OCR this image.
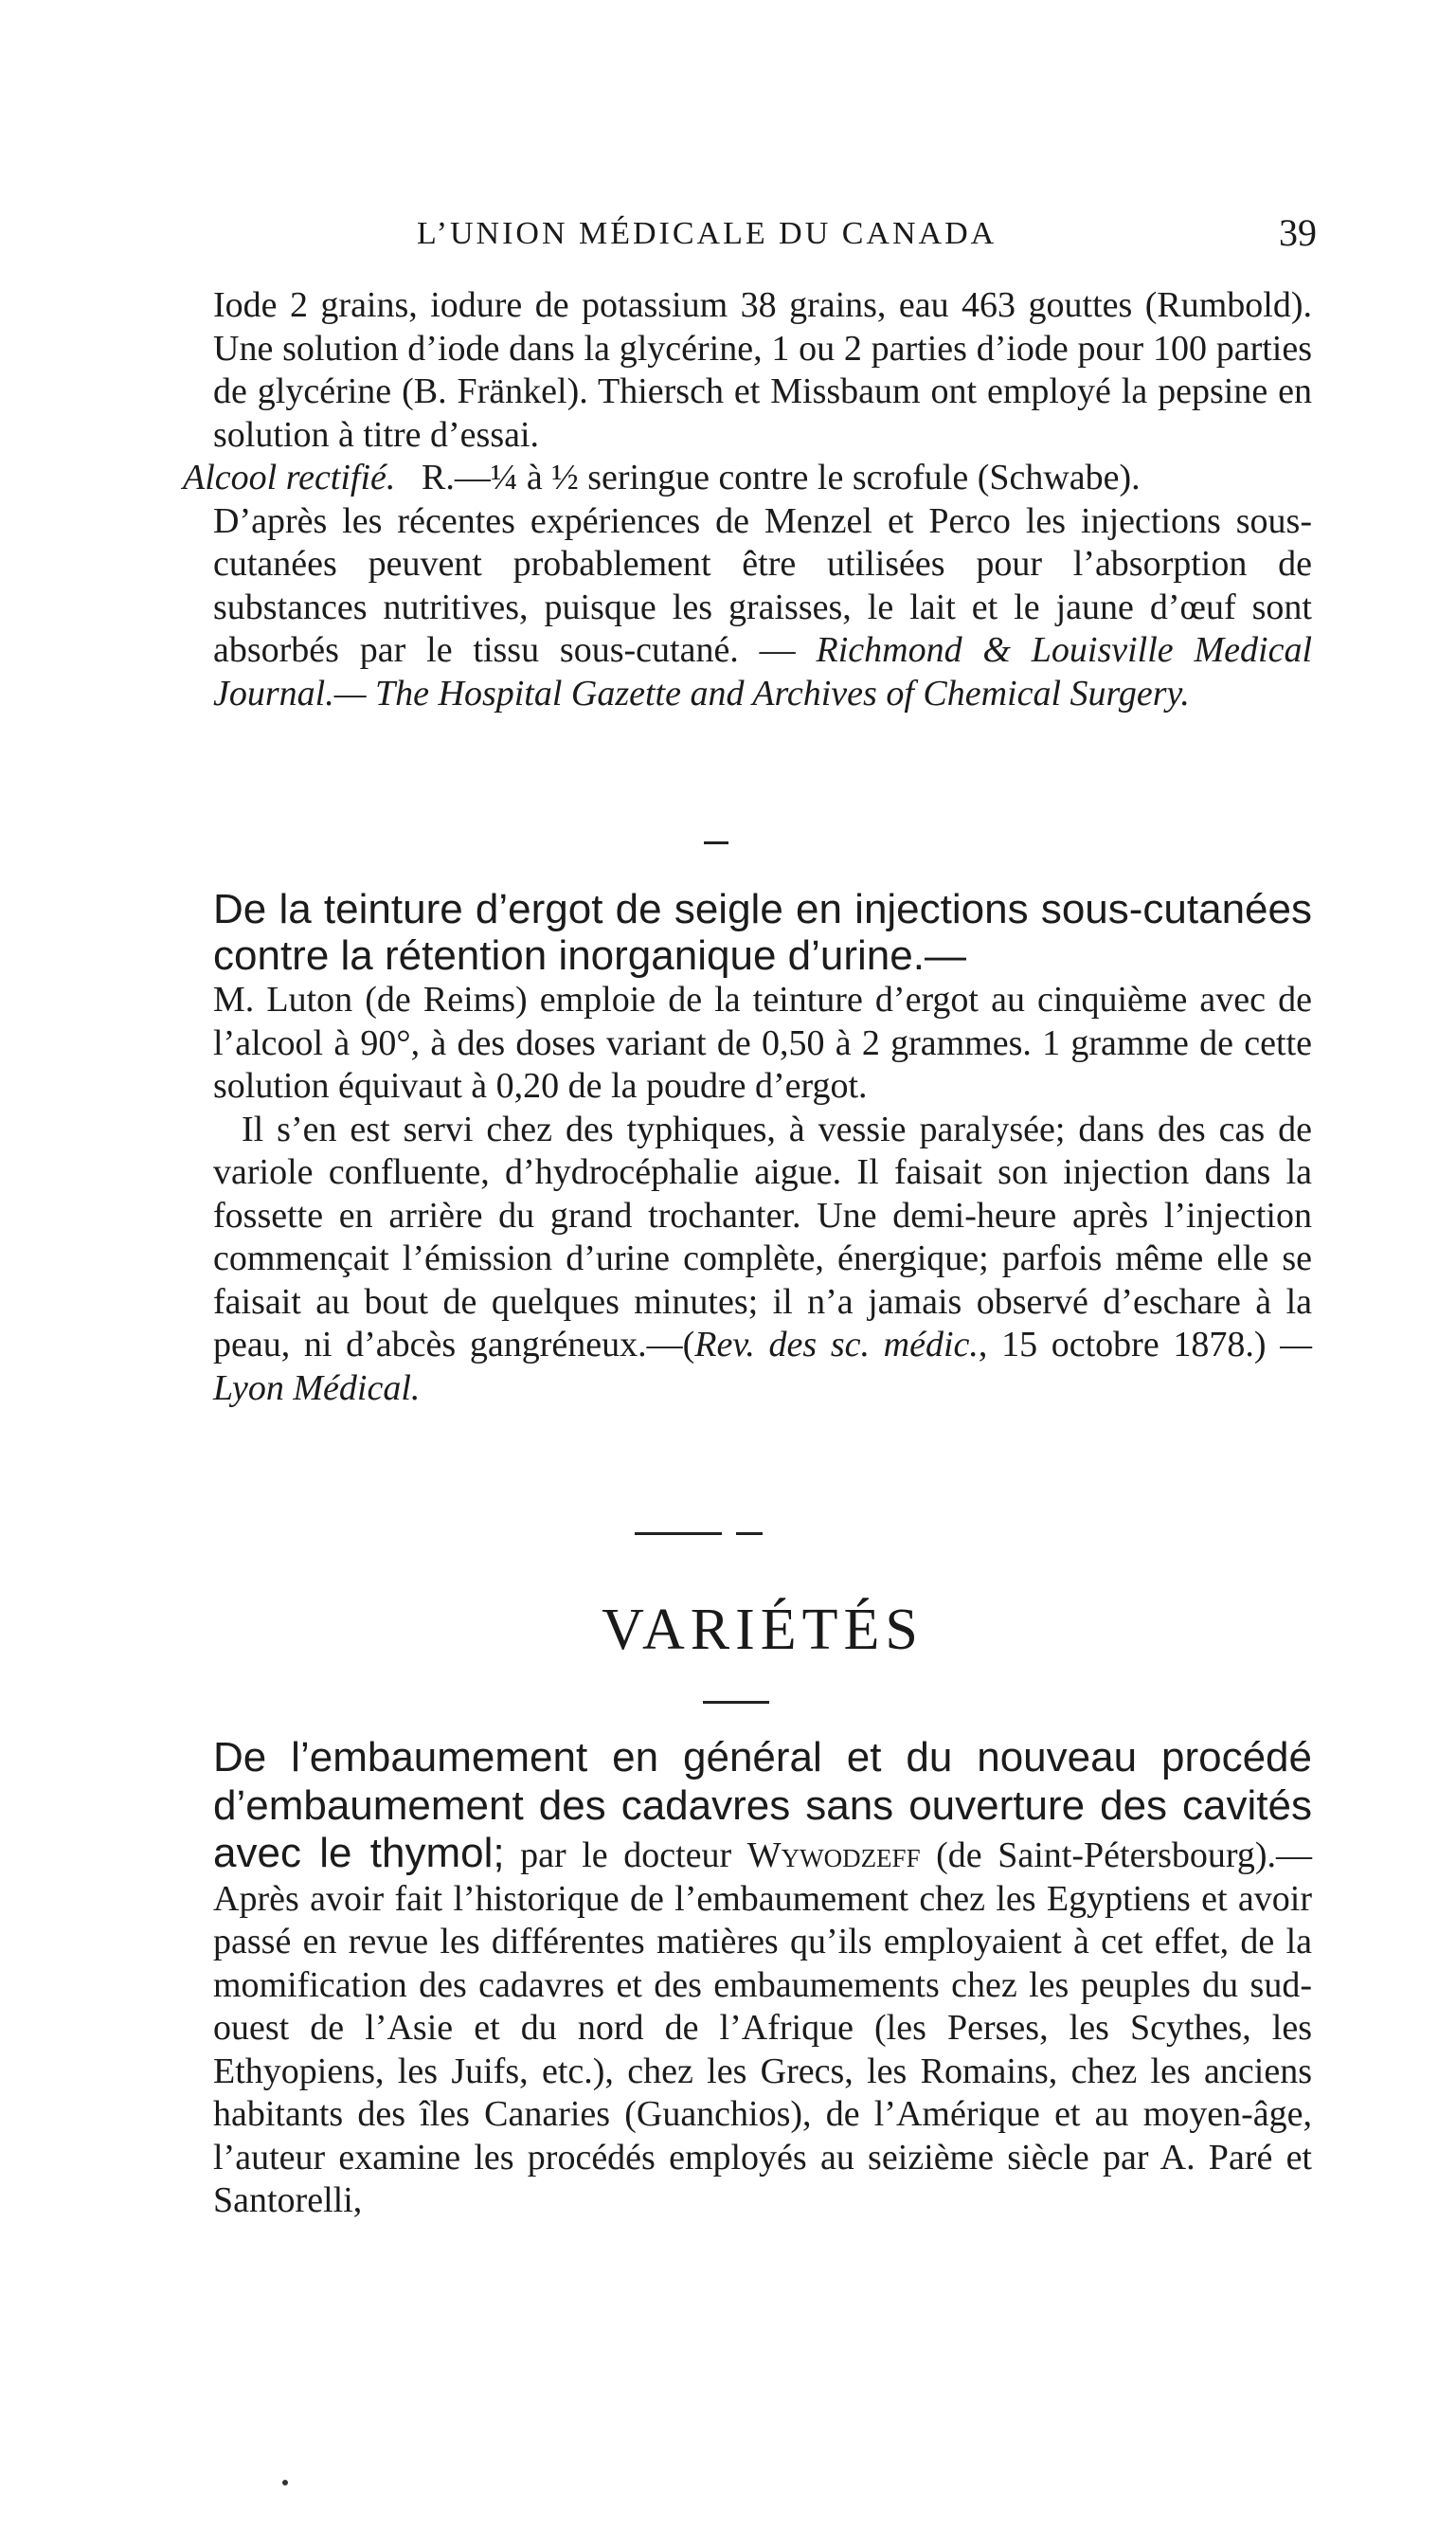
L’UNION MÉDICALE DU CANADA	39

Iode 2 grains, iodure de potassium 38 grains, eau 463 gouttes (Rumbold). Une solution d’iode dans la glycérine, 1 ou 2 parties d’iode pour 100 parties de glycérine (B. Fränkel). Thiersch et Missbaum ont employé la pepsine en solution à titre d’essai.

Alcool rectifié. R.—¼ à ½ seringue contre le scrofule (Schwabe).

D’après les récentes expériences de Menzel et Perco les injections sous-cutanées peuvent probablement être utilisées pour l’absorption de substances nutritives, puisque les graisses, le lait et le jaune d’œuf sont absorbés par le tissu sous-cutané. — Richmond & Louisville Medical Journal.— The Hospital Gazette and Archives of Chemical Surgery.

De la teinture d’ergot de seigle en injections sous-cutanées contre la rétention inorganique d’urine.—

M. Luton (de Reims) emploie de la teinture d’ergot au cinquième avec de l’alcool à 90°, à des doses variant de 0,50 à 2 grammes. 1 gramme de cette solution équivaut à 0,20 de la poudre d’ergot.

Il s’en est servi chez des typhiques, à vessie paralysée; dans des cas de variole confluente, d’hydrocéphalie aigue. Il faisait son injection dans la fossette en arrière du grand trochanter. Une demi-heure après l’injection commençait l’émission d’urine complète, énergique; parfois même elle se faisait au bout de quelques minutes; il n’a jamais observé d’eschare à la peau, ni d’abcès gangréneux.—(Rev. des sc. médic., 15 octobre 1878.) —Lyon Médical.

VARIÉTÉS

De l’embaumement en général et du nouveau procédé d’embaumement des cadavres sans ouverture des cavités avec le thymol; par le docteur Wywodzeff (de Saint-Pétersbourg).—Après avoir fait l’historique de l’embaumement chez les Egyptiens et avoir passé en revue les différentes matières qu’ils employaient à cet effet, de la momification des cadavres et des embaumements chez les peuples du sud-ouest de l’Asie et du nord de l’Afrique (les Perses, les Scythes, les Ethyopiens, les Juifs, etc.), chez les Grecs, les Romains, chez les anciens habitants des îles Canaries (Guanchios), de l’Amérique et au moyen-âge, l’auteur examine les procédés employés au seizième siècle par A. Paré et Santorelli,
